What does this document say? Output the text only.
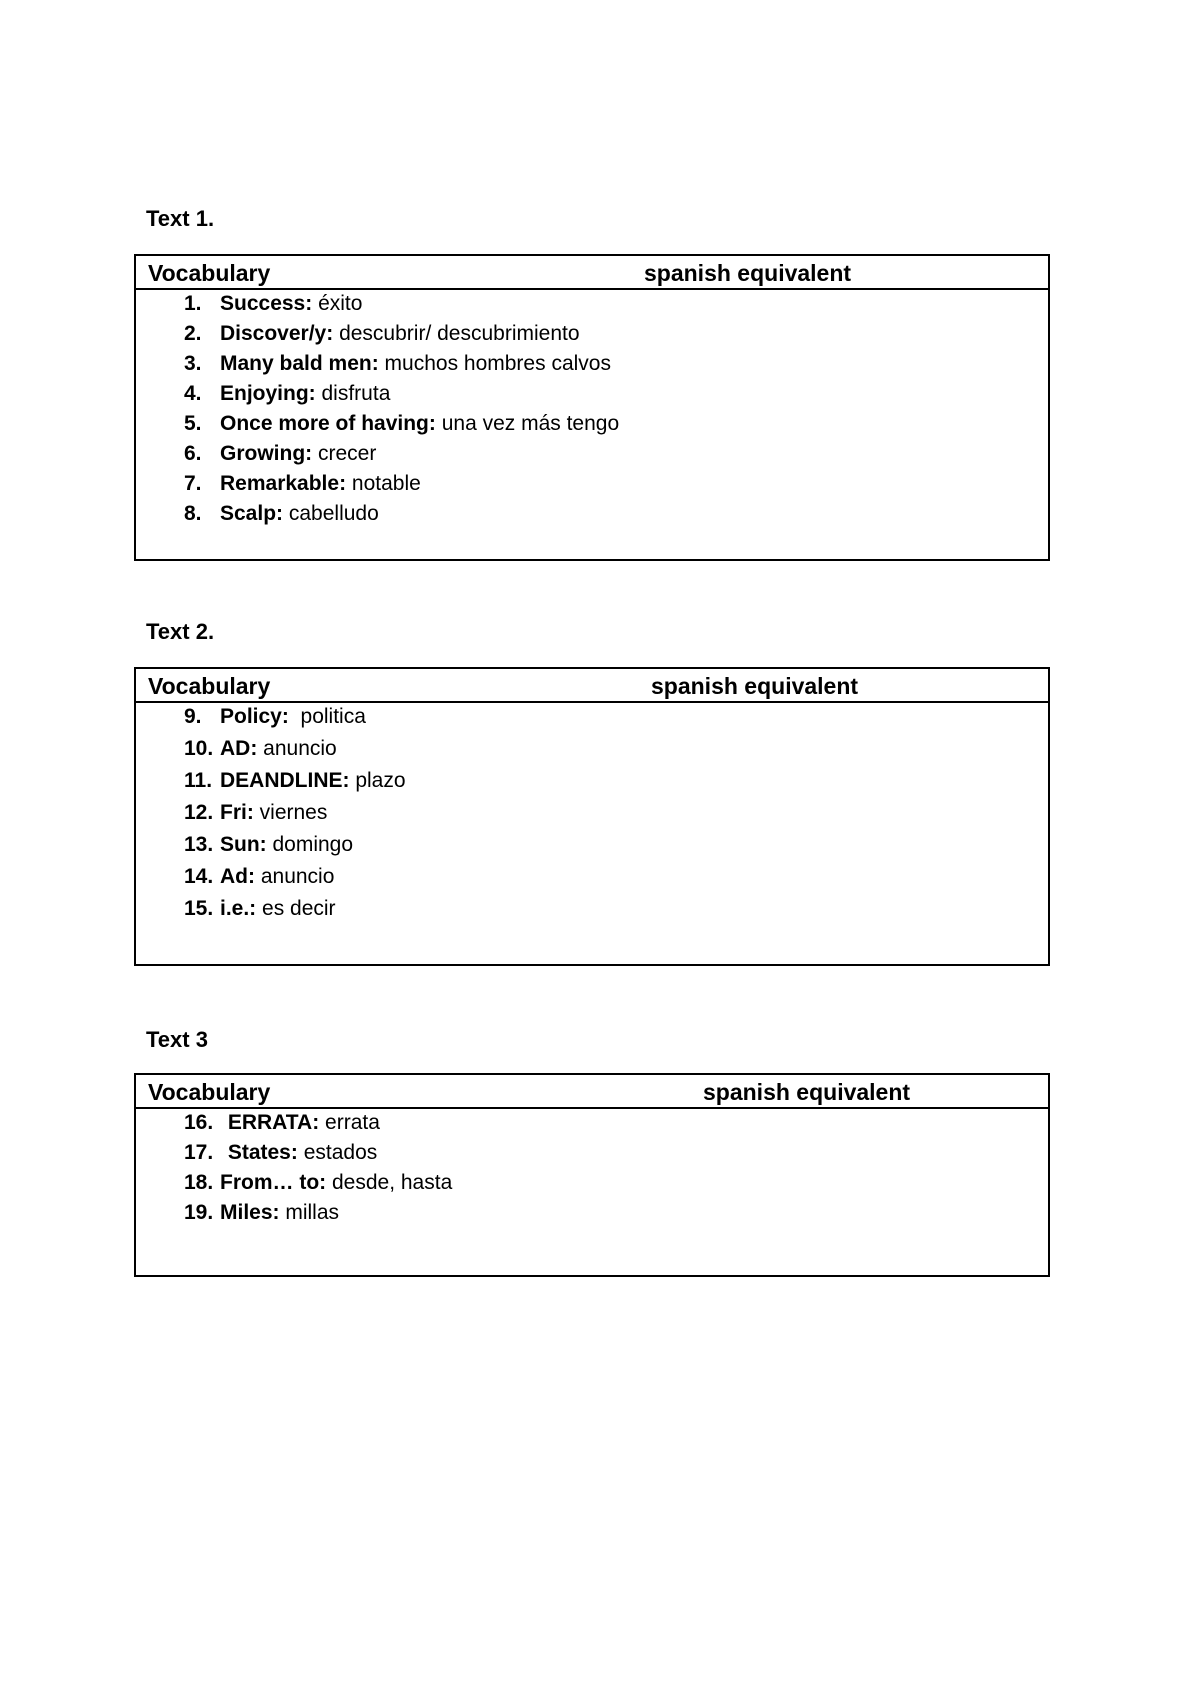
Text 1.
Vocabulary	spanish equivalent
1. Success: éxito
2. Discover/y: descubrir/ descubrimiento
3. Many bald men: muchos hombres calvos
4. Enjoying: disfruta
5. Once more of having: una vez más tengo
6. Growing: crecer
7. Remarkable: notable
8. Scalp: cabelludo
Text 2.
Vocabulary	spanish equivalent
9. Policy:  politica
10. AD: anuncio
11. DEANDLINE: plazo
12. Fri: viernes
13. Sun: domingo
14. Ad: anuncio
15. i.e.: es decir
Text 3
Vocabulary	spanish equivalent
16. ERRATA: errata
17. States: estados
18. From… to: desde, hasta
19. Miles: millas
